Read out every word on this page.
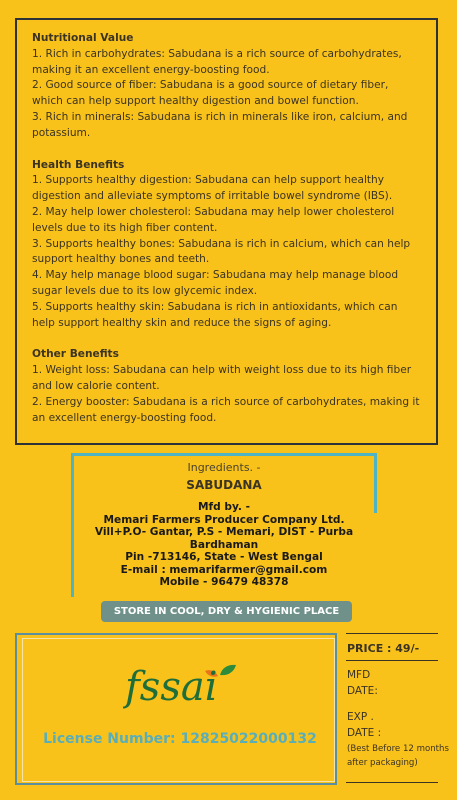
Nutritional Value

1. Rich in carbohydrates: Sabudana is a rich source of carbohydrates, making it an excellent energy-boosting food.

2. Good source of fiber: Sabudana is a good source of dietary fiber, which can help support healthy digestion and bowel function.

3. Rich in minerals: Sabudana is rich in minerals like iron, calcium, and potassium.

Health Benefits

1. Supports healthy digestion: Sabudana can help support healthy digestion and alleviate symptoms of irritable bowel syndrome (IBS).

2. May help lower cholesterol: Sabudana may help lower cholesterol levels due to its high fiber content.

3. Supports healthy bones: Sabudana is rich in calcium, which can help support healthy bones and teeth.

4. May help manage blood sugar: Sabudana may help manage blood sugar levels due to its low glycemic index.

5. Supports healthy skin: Sabudana is rich in antioxidants, which can help support healthy skin and reduce the signs of aging.

Other Benefits

1. Weight loss: Sabudana can help with weight loss due to its high fiber and low calorie content.

2. Energy booster: Sabudana is a rich source of carbohydrates, making it an excellent energy-boosting food.

Ingredients. -
SABUDANA
Mfd by. -
Memari Farmers Producer Company Ltd.
Vill+P.O- Gantar, P.S - Memari, DIST - Purba
Bardhaman
Pin -713146, State - West Bengal
E-mail : memarifarmer@gmail.com
Mobile - 96479 48378
STORE IN COOL, DRY & HYGIENIC PLACE
fssai
License Number: 12825022000132
PRICE : 49/-
MFD
DATE:
EXP .
DATE :
(Best Before 12 months
after packaging)
